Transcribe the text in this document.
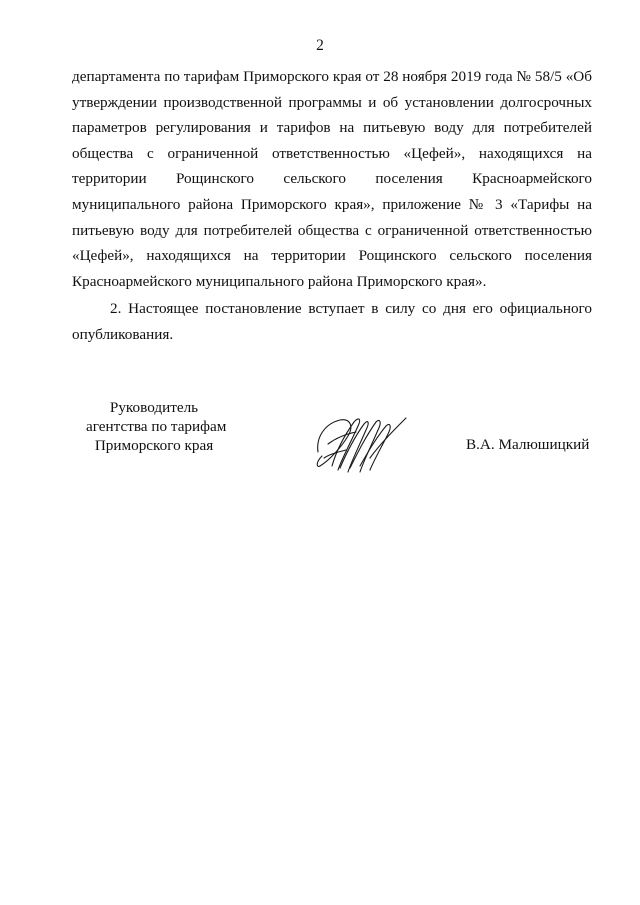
2
департамента по тарифам Приморского края от 28 ноября 2019 года № 58/5 «Об
утверждении производственной программы и об установлении долгосрочных
параметров регулирования и тарифов на питьевую воду для потребителей
общества с ограниченной ответственностью «Цефей», находящихся на
территории Рощинского сельского поселения Красноармейского
муниципального района Приморского края», приложение № 3 «Тарифы на
питьевую воду для потребителей общества с ограниченной ответственностью
«Цефей», находящихся на территории Рощинского сельского поселения
Красноармейского муниципального района Приморского края».
2. Настоящее постановление вступает в силу со дня его официального
опубликования.
Руководитель
агентства по тарифам
Приморского края	В.А. Малюшицкий
